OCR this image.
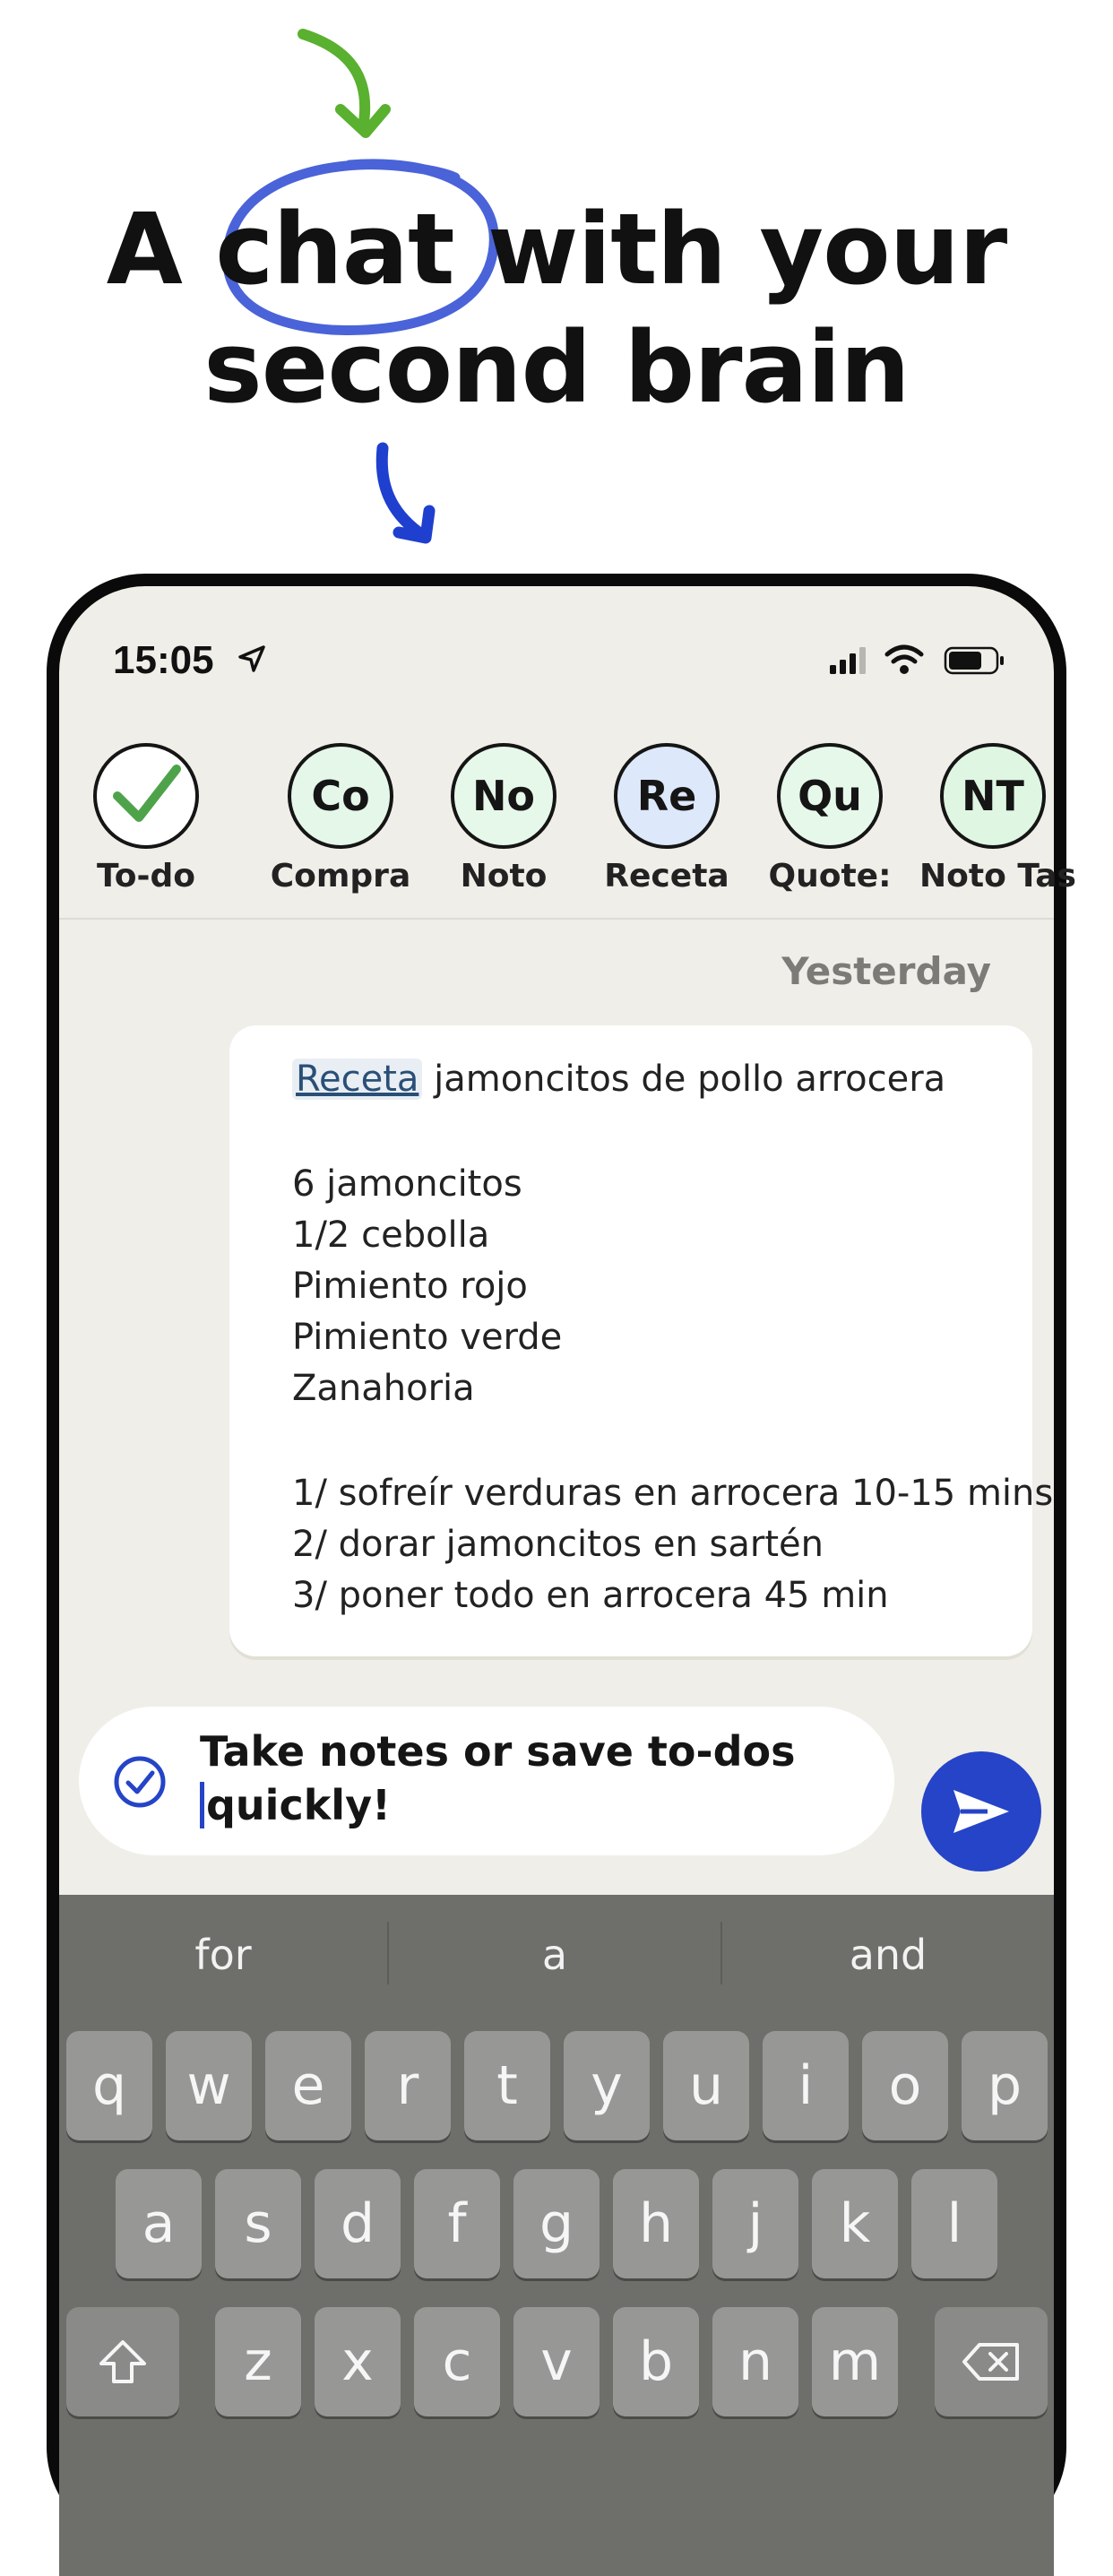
A chat with your
second brain
15:05
To-do
Co
Compra
No
Noto
Re
Receta
Qu
Quote:
NT
Noto Tas
Yesterday
Receta jamoncitos de pollo arrocera
6 jamoncitos
1/2 cebolla
Pimiento rojo
Pimiento verde
Zanahoria
1/ sofreír verduras en arrocera 10-15 mins
2/ dorar jamoncitos en sartén
3/ poner todo en arrocera 45 min
Take notes or save to-dos
quickly!
for	a	and
q	w	e	r	t	y	u	i	o	p
a	s	d	f	g	h	j	k	l
z	x	c	v	b	n	m
